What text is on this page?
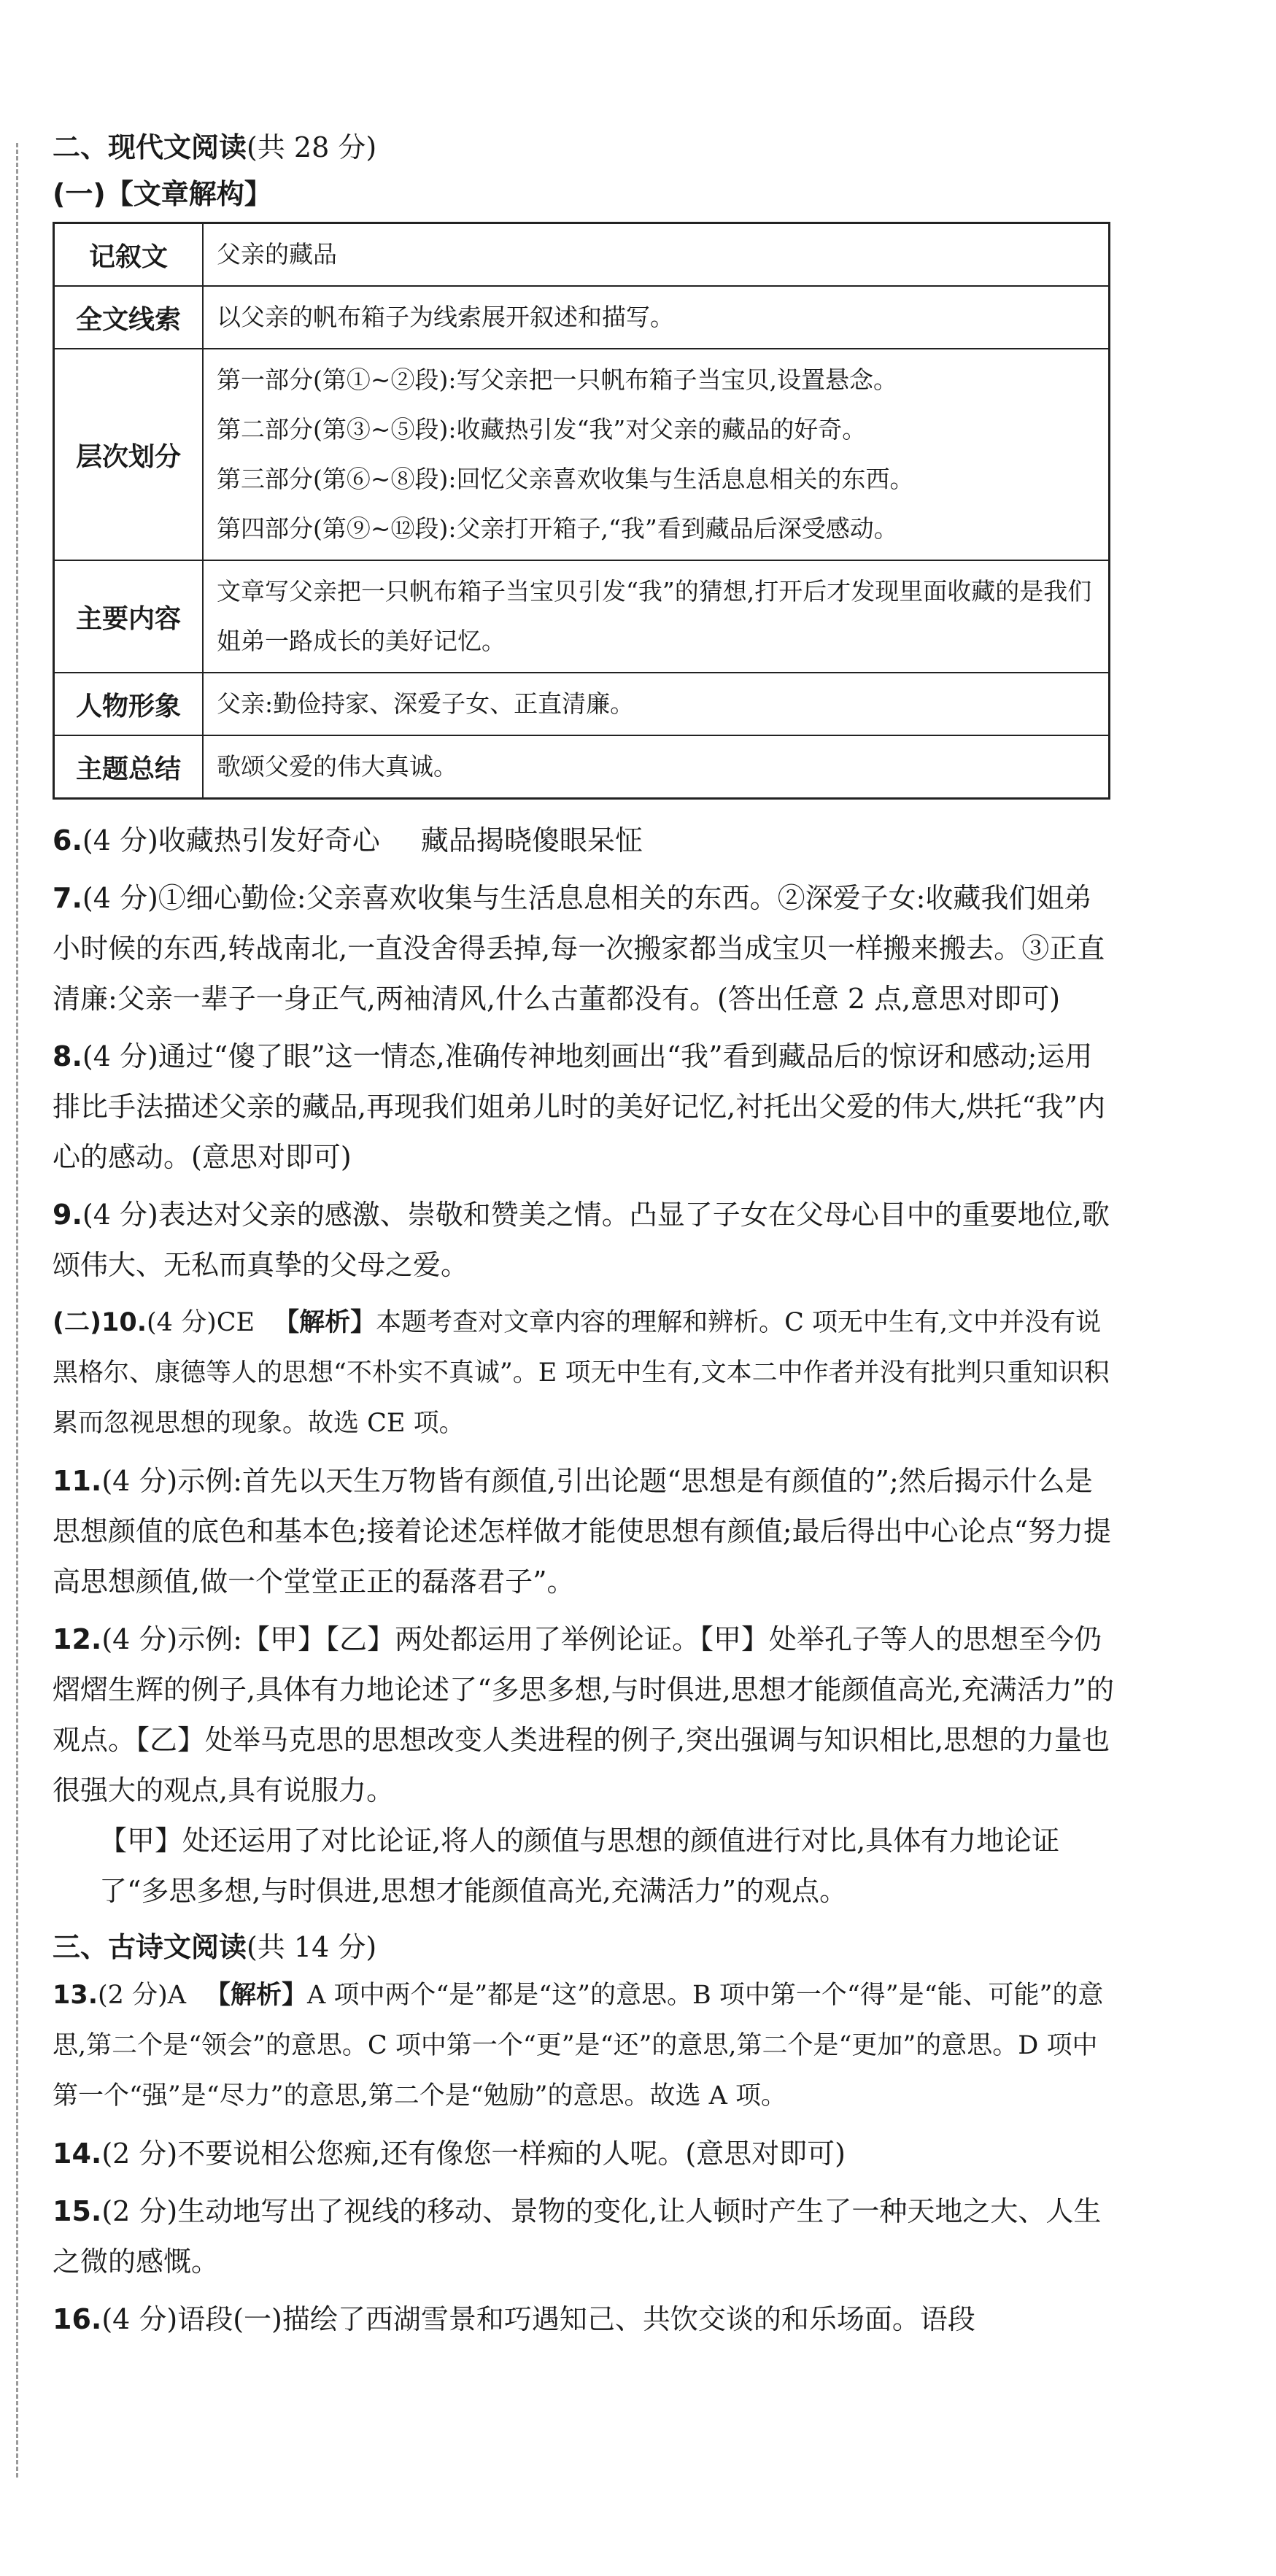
二、现代文阅读(共 28 分)

(一)【文章解构】

记叙文	父亲的藏品
全文线索	以父亲的帆布箱子为线索展开叙述和描写。
层次划分	第一部分(第①~②段):写父亲把一只帆布箱子当宝贝,设置悬念。
第二部分(第③~⑤段):收藏热引发“我”对父亲的藏品的好奇。
第三部分(第⑥~⑧段):回忆父亲喜欢收集与生活息息相关的东西。
第四部分(第⑨~⑫段):父亲打开箱子,“我”看到藏品后深受感动。

主要内容	文章写父亲把一只帆布箱子当宝贝引发“我”的猜想,打开后才发现里面收藏的是我们姐弟一路成长的美好记忆。
人物形象	父亲:勤俭持家、深爱子女、正直清廉。
主题总结	歌颂父爱的伟大真诚。

6.(4 分)收藏热引发好奇心 藏品揭晓傻眼呆怔

7.(4 分)①细心勤俭:父亲喜欢收集与生活息息相关的东西。②深爱子女:收藏我们姐弟小时候的东西,转战南北,一直没舍得丢掉,每一次搬家都当成宝贝一样搬来搬去。③正直清廉:父亲一辈子一身正气,两袖清风,什么古董都没有。(答出任意 2 点,意思对即可)

8.(4 分)通过“傻了眼”这一情态,准确传神地刻画出“我”看到藏品后的惊讶和感动;运用排比手法描述父亲的藏品,再现我们姐弟儿时的美好记忆,衬托出父爱的伟大,烘托“我”内心的感动。(意思对即可)

9.(4 分)表达对父亲的感激、崇敬和赞美之情。凸显了子女在父母心目中的重要地位,歌颂伟大、无私而真挚的父母之爱。

(二)10.(4 分)CE 【解析】本题考查对文章内容的理解和辨析。C 项无中生有,文中并没有说黑格尔、康德等人的思想“不朴实不真诚”。E 项无中生有,文本二中作者并没有批判只重知识积累而忽视思想的现象。故选 CE 项。

11.(4 分)示例:首先以天生万物皆有颜值,引出论题“思想是有颜值的”;然后揭示什么是思想颜值的底色和基本色;接着论述怎样做才能使思想有颜值;最后得出中心论点“努力提高思想颜值,做一个堂堂正正的磊落君子”。

12.(4 分)示例:【甲】【乙】两处都运用了举例论证。【甲】处举孔子等人的思想至今仍熠熠生辉的例子,具体有力地论述了“多思多想,与时俱进,思想才能颜值高光,充满活力”的观点。【乙】处举马克思的思想改变人类进程的例子,突出强调与知识相比,思想的力量也很强大的观点,具有说服力。

【甲】处还运用了对比论证,将人的颜值与思想的颜值进行对比,具体有力地论证了“多思多想,与时俱进,思想才能颜值高光,充满活力”的观点。

三、古诗文阅读(共 14 分)

13.(2 分)A 【解析】A 项中两个“是”都是“这”的意思。B 项中第一个“得”是“能、可能”的意思,第二个是“领会”的意思。C 项中第一个“更”是“还”的意思,第二个是“更加”的意思。D 项中第一个“强”是“尽力”的意思,第二个是“勉励”的意思。故选 A 项。

14.(2 分)不要说相公您痴,还有像您一样痴的人呢。(意思对即可)

15.(2 分)生动地写出了视线的移动、景物的变化,让人顿时产生了一种天地之大、人生之微的感慨。

16.(4 分)语段(一)描绘了西湖雪景和巧遇知己、共饮交谈的和乐场面。语段
